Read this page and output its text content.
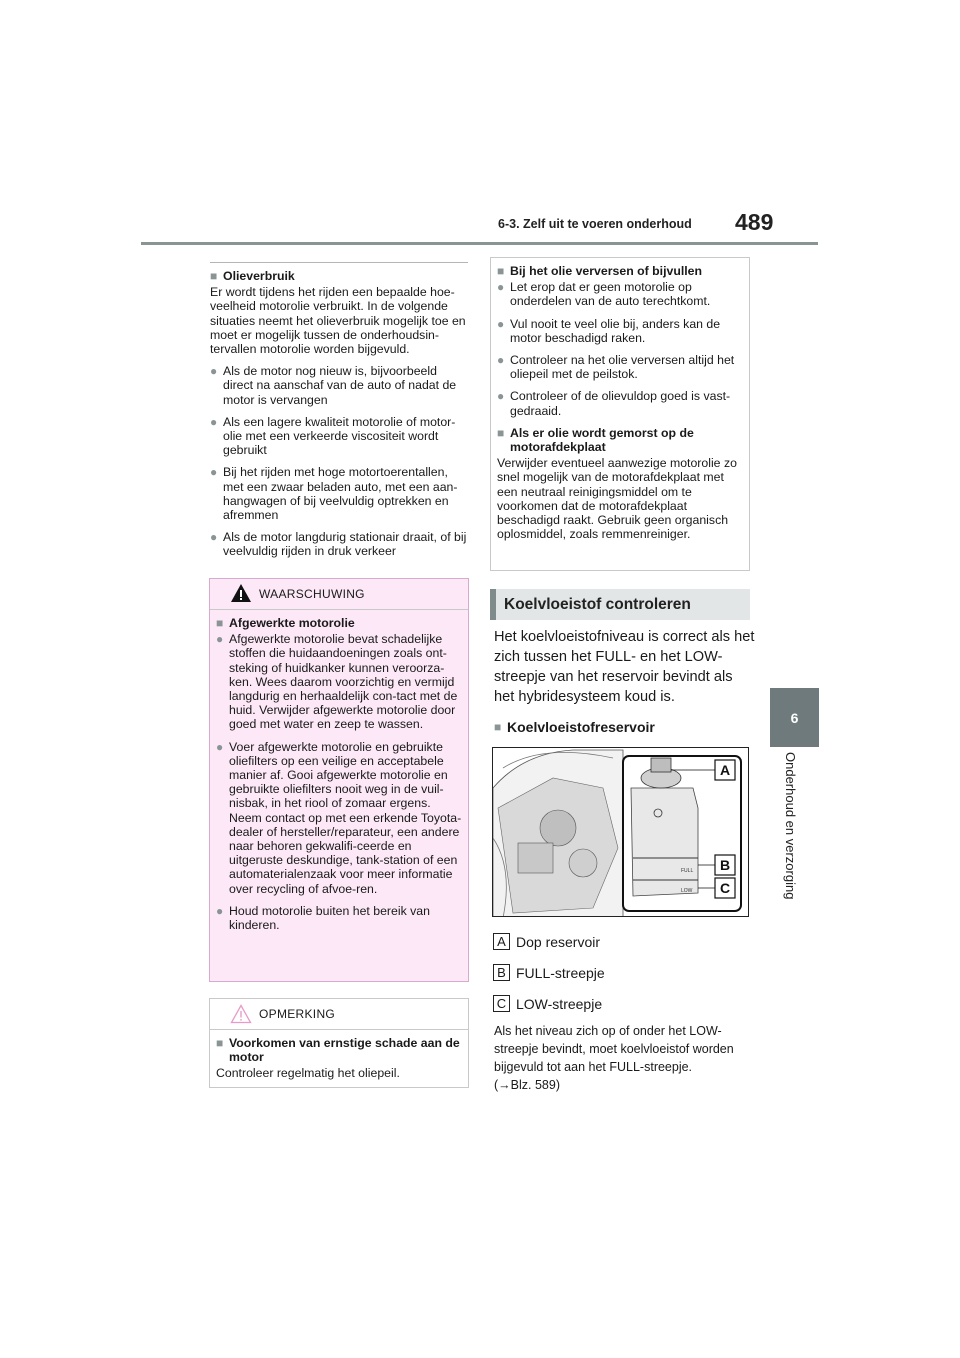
6-3. Zelf uit te voeren onderhoud 489
6
Onderhoud en verzorging
■ Olieverbruik
Er wordt tijdens het rijden een bepaalde hoe-veelheid motorolie verbruikt. In de volgende situaties neemt het olieverbruik mogelijk toe en moet er mogelijk tussen de onderhoudsin-tervallen motorolie worden bijgevuld.
● Als de motor nog nieuw is, bijvoorbeeld direct na aanschaf van de auto of nadat de motor is vervangen
● Als een lagere kwaliteit motorolie of motor-olie met een verkeerde viscositeit wordt gebruikt
● Bij het rijden met hoge motortoerentallen, met een zwaar beladen auto, met een aan-hangwagen of bij veelvuldig optrekken en afremmen
● Als de motor langdurig stationair draait, of bij veelvuldig rijden in druk verkeer
WAARSCHUWING
■ Afgewerkte motorolie
● Afgewerkte motorolie bevat schadelijke stoffen die huidaandoeningen zoals ont-steking of huidkanker kunnen veroorza-ken. Wees daarom voorzichtig en vermijd langdurig en herhaaldelijk con-tact met de huid. Verwijder afgewerkte motorolie door goed met water en zeep te wassen.
● Voer afgewerkte motorolie en gebruikte oliefilters op een veilige en acceptabele manier af. Gooi afgewerkte motorolie en gebruikte oliefilters nooit weg in de vuil-nisbak, in het riool of zomaar ergens. Neem contact op met een erkende Toyota-dealer of hersteller/reparateur, een andere naar behoren gekwalifi-ceerde en uitgeruste deskundige, tank-station of een automaterialenzaak voor meer informatie over recycling of afvoe-ren.
● Houd motorolie buiten het bereik van kinderen.
OPMERKING
■ Voorkomen van ernstige schade aan de motor
Controleer regelmatig het oliepeil.
■ Bij het olie verversen of bijvullen
● Let erop dat er geen motorolie op onderdelen van de auto terechtkomt.
● Vul nooit te veel olie bij, anders kan de motor beschadigd raken.
● Controleer na het olie verversen altijd het oliepeil met de peilstok.
● Controleer of de olievuldop goed is vast-gedraaid.
■ Als er olie wordt gemorst op de motorafdekplaat
Verwijder eventueel aanwezige motorolie zo snel mogelijk van de motorafdekplaat met een neutraal reinigingsmiddel om te voorkomen dat de motorafdekplaat beschadigd raakt. Gebruik geen organisch oplosmiddel, zoals remmenreiniger.
Koelvloeistof controleren
Het koelvloeistofniveau is correct als het zich tussen het FULL- en het LOW-streepje van het reservoir bevindt als het hybridesysteem koud is.
■ Koelvloeistofreservoir
FULL
LOW
A
B
C
A Dop reservoir
B FULL-streepje
C LOW-streepje
Als het niveau zich op of onder het LOW-streepje bevindt, moet koelvloeistof worden bijgevuld tot aan het FULL-streepje.
(→Blz. 589)
